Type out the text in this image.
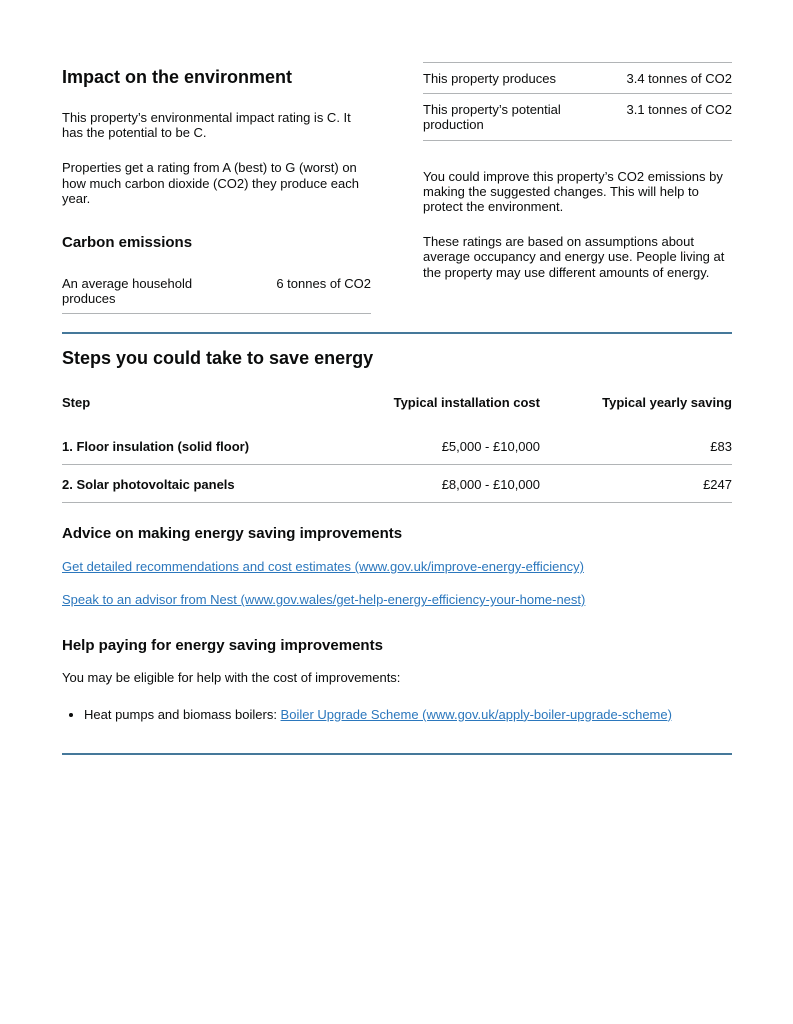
Impact on the environment

This property’s environmental impact rating is C. It has the potential to be C.

Properties get a rating from A (best) to G (worst) on how much carbon dioxide (CO2) they produce each year.

Carbon emissions
An average household produces	6 tonnes of CO2
This property produces	3.4 tonnes of CO2
This property’s potential production	3.1 tonnes of CO2

You could improve this property’s CO2 emissions by making the suggested changes. This will help to protect the environment.

These ratings are based on assumptions about average occupancy and energy use. People living at the property may use different amounts of energy.

Steps you could take to save energy
Step	Typical installation cost	Typical yearly saving
1. Floor insulation (solid floor)	£5,000 - £10,000	£83
2. Solar photovoltaic panels	£8,000 - £10,000	£247
Advice on making energy saving improvements

Get detailed recommendations and cost estimates (www.gov.uk/improve-energy-efficiency)

Speak to an advisor from Nest (www.gov.wales/get-help-energy-efficiency-your-home-nest)

Help paying for energy saving improvements

You may be eligible for help with the cost of improvements:

• Heat pumps and biomass boilers: Boiler Upgrade Scheme (www.gov.uk/apply-boiler-upgrade-scheme)
